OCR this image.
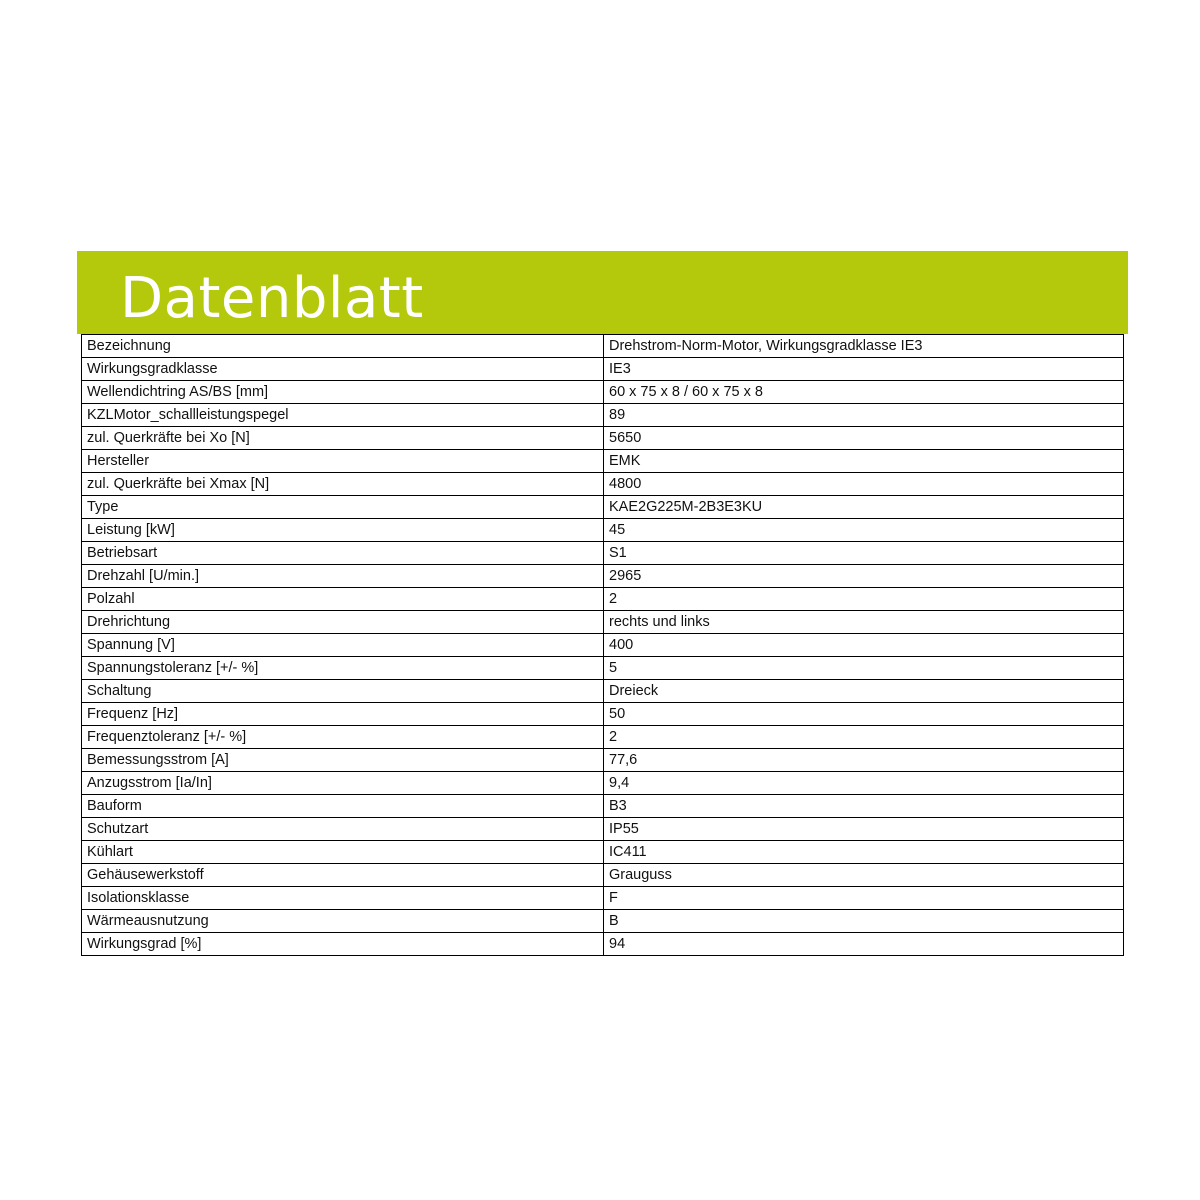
Datenblatt
Bezeichnung	Drehstrom-Norm-Motor, Wirkungsgradklasse IE3
Wirkungsgradklasse	IE3
Wellendichtring AS/BS [mm]	60 x 75 x 8 / 60 x 75 x 8
KZLMotor_schallleistungspegel	89
zul. Querkräfte bei Xo [N]	5650
Hersteller	EMK
zul. Querkräfte bei Xmax [N]	4800
Type	KAE2G225M-2B3E3KU
Leistung [kW]	45
Betriebsart	S1
Drehzahl [U/min.]	2965
Polzahl	2
Drehrichtung	rechts und links
Spannung [V]	400
Spannungstoleranz [+/- %]	5
Schaltung	Dreieck
Frequenz [Hz]	50
Frequenztoleranz [+/- %]	2
Bemessungsstrom [A]	77,6
Anzugsstrom [Ia/In]	9,4
Bauform	B3
Schutzart	IP55
Kühlart	IC411
Gehäusewerkstoff	Grauguss
Isolationsklasse	F
Wärmeausnutzung	B
Wirkungsgrad [%]	94
